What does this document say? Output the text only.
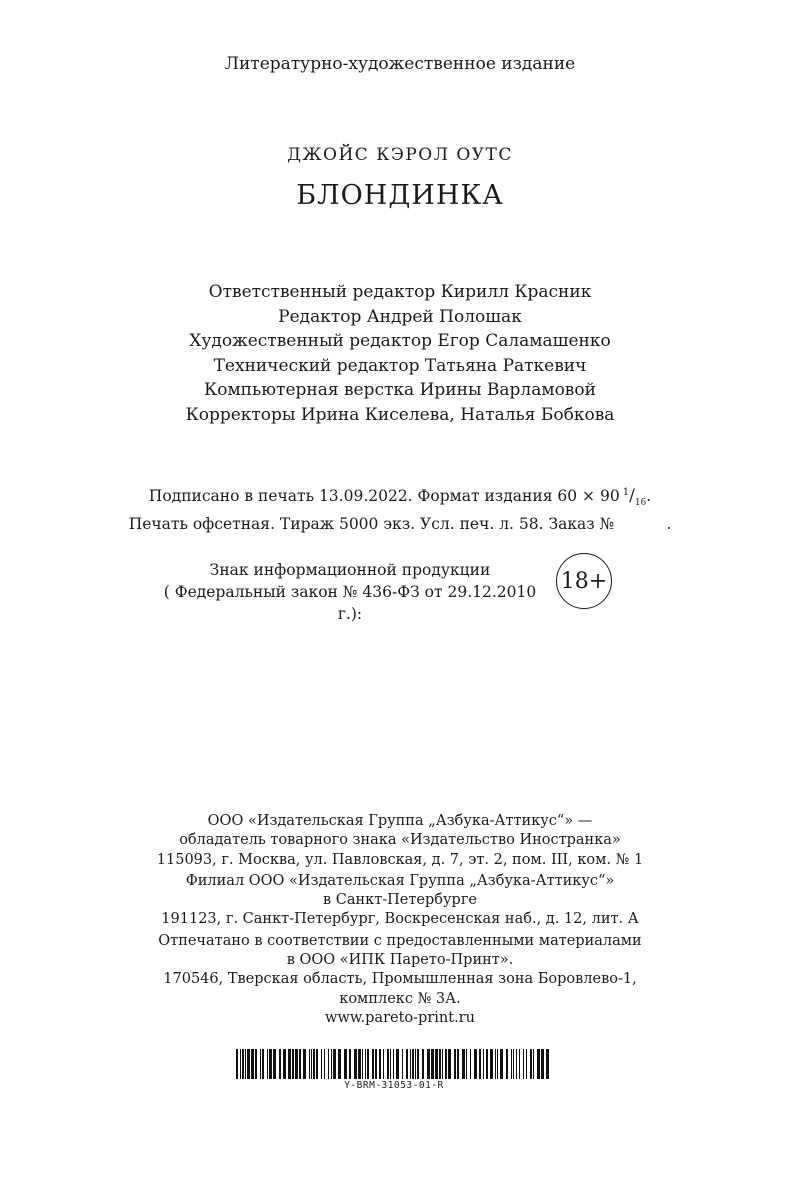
Литературно-художественное издание
ДЖОЙС КЭРОЛ ОУТС
БЛОНДИНКА
Ответственный редактор Кирилл Красник
Редактор Андрей Полошак
Художественный редактор Егор Саламашенко
Технический редактор Татьяна Раткевич
Компьютерная верстка Ирины Варламовой
Корректоры Ирина Киселева, Наталья Бобкова
Подписано в печать 13.09.2022. Формат издания 60 × 90 $^1/_{16}$.
Печать офсетная. Тираж 5000 экз. Усл. печ. л. 58. Заказ №	.
Знак информационной продукции
( Федеральный закон № 436-ФЗ от 29.12.2010 г.):
18+
ООО «Издательская Группа „Азбука-Аттикус“» —
обладатель товарного знака «Издательство Иностранка»
115093, г. Москва, ул. Павловская, д. 7, эт. 2, пом. III, ком. № 1
Филиал ООО «Издательская Группа „Азбука-Аттикус“»
в Санкт-Петербурге
191123, г. Санкт-Петербург, Воскресенская наб., д. 12, лит. А
Отпечатано в соответствии с предоставленными материалами
в ООО «ИПК Парето-Принт».
170546, Тверская область, Промышленная зона Боровлево-1,
комплекс № 3А.
www.pareto-print.ru
Y-BRM-31053-01-R
